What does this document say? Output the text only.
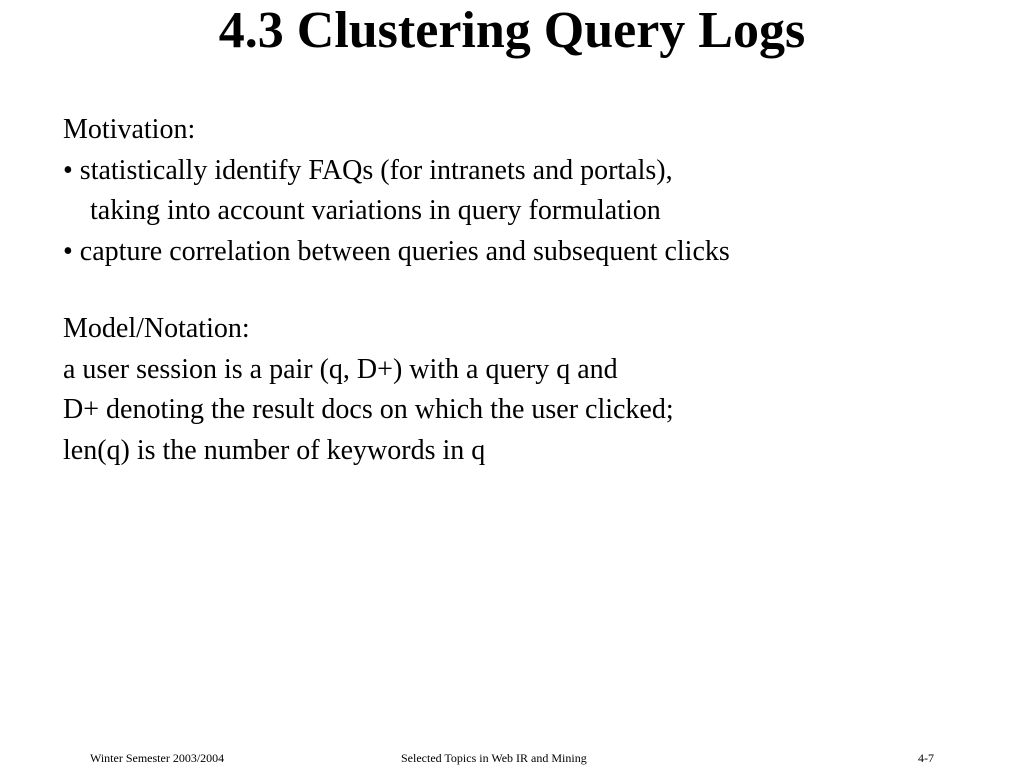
4.3 Clustering Query Logs
Motivation:
• statistically identify FAQs (for intranets and portals),
taking into account variations in query formulation
• capture correlation between queries and subsequent clicks
Model/Notation:
a user session is a pair (q, D+) with a query q and
D+ denoting the result docs on which the user clicked;
len(q) is the number of keywords in q
Winter Semester 2003/2004	Selected Topics in Web IR and Mining	4-7
